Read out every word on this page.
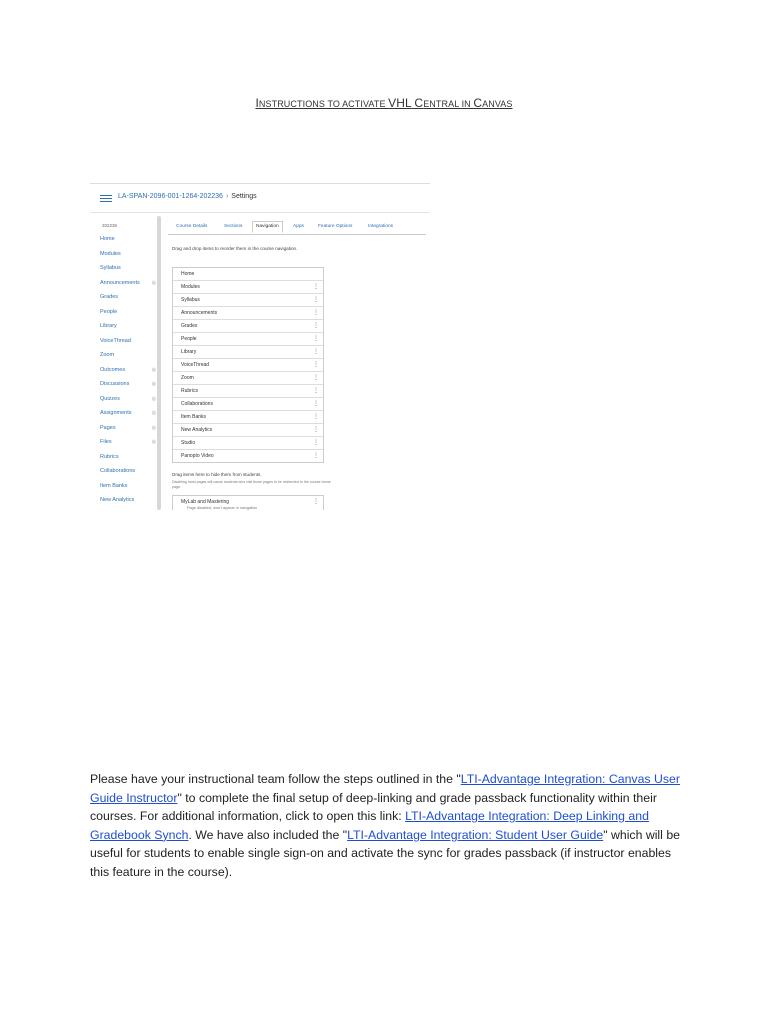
INSTRUCTIONS TO ACTIVATE VHL CENTRAL IN CANVAS
LA-SPAN-2096-001-1264-202236 › Settings
202236
Home
Modules
Syllabus
Announcements ◎
Grades
People
Library
VoiceThread
Zoom
Outcomes	◎
Discussions	◎
Quizzes	◎
Assignments	◎
Pages	◎
Files	◎
Rubrics
Collaborations
Item Banks
New Analytics
Course Details	Sections	Navigation	Apps	Feature Options	Integrations
Drag and drop items to reorder them in the course navigation.
Home
Modules	⋮
Syllabus	⋮
Announcements	⋮
Grades	⋮
People	⋮
Library	⋮
VoiceThread	⋮
Zoom	⋮
Rubrics	⋮
Collaborations	⋮
Item Banks	⋮
New Analytics	⋮
Studio	⋮
Panopto Video	⋮
Drag items here to hide them from students.
Disabling most pages will cause students who visit those pages to be redirected to the course home page.
MyLab and Mastering
Page disabled, won't appear in navigation
⋮
Please have your instructional team follow the steps outlined in the "LTI-Advantage Integration: Canvas User Guide Instructor" to complete the final setup of deep-linking and grade passback functionality within their courses. For additional information, click to open this link: LTI-Advantage Integration: Deep Linking and Gradebook Synch. We have also included the "LTI-Advantage Integration: Student User Guide" which will be useful for students to enable single sign-on and activate the sync for grades passback (if instructor enables this feature in the course).
